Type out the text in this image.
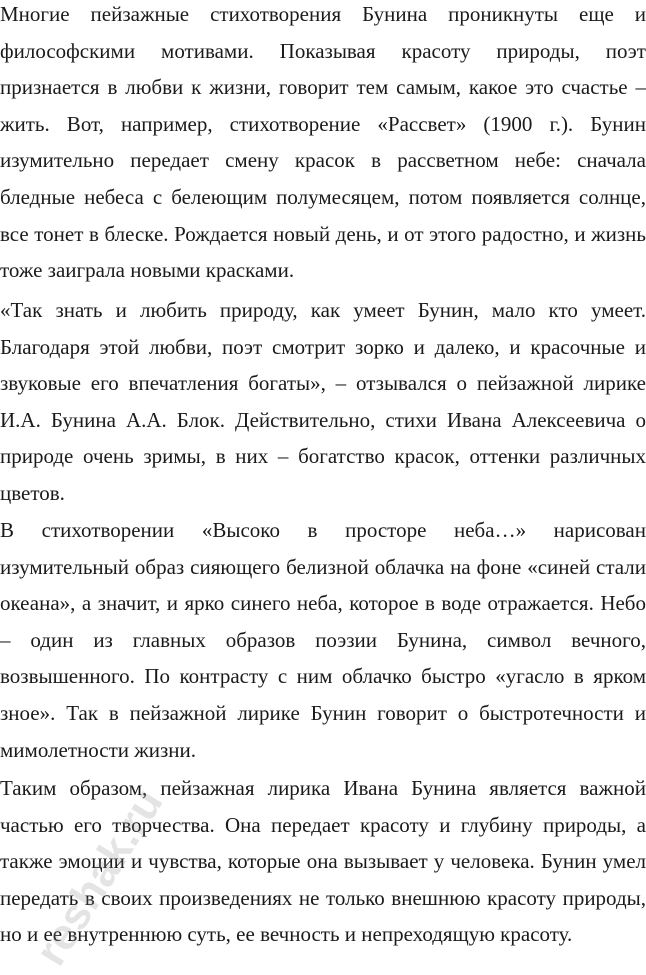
Многие пейзажные стихотворения Бунина проникнуты еще и философскими мотивами. Показывая красоту природы, поэт признается в любви к жизни, говорит тем самым, какое это счастье – жить. Вот, например, стихотворение «Рассвет» (1900 г.). Бунин изумительно передает смену красок в рассветном небе: сначала бледные небеса с белеющим полумесяцем, потом появляется солнце, все тонет в блеске. Рождается новый день, и от этого радостно, и жизнь тоже заиграла новыми красками.

«Так знать и любить природу, как умеет Бунин, мало кто умеет. Благодаря этой любви, поэт смотрит зорко и далеко, и красочные и звуковые его впечатления богаты», – отзывался о пейзажной лирике И.А. Бунина А.А. Блок. Действительно, стихи Ивана Алексеевича о природе очень зримы, в них – богатство красок, оттенки различных цветов.

В стихотворении «Высоко в просторе неба…» нарисован изумительный образ сияющего белизной облачка на фоне «синей стали океана», а значит, и ярко синего неба, которое в воде отражается. Небо – один из главных образов поэзии Бунина, символ вечного, возвышенного. По контрасту с ним облачко быстро «угасло в ярком зное». Так в пейзажной лирике Бунин говорит о быстротечности и мимолетности жизни.

Таким образом, пейзажная лирика Ивана Бунина является важной частью его творчества. Она передает красоту и глубину природы, а также эмоции и чувства, которые она вызывает у человека. Бунин умел передать в своих произведениях не только внешнюю красоту природы, но и ее внутреннюю суть, ее вечность и непреходящую красоту.

reshak.ru
